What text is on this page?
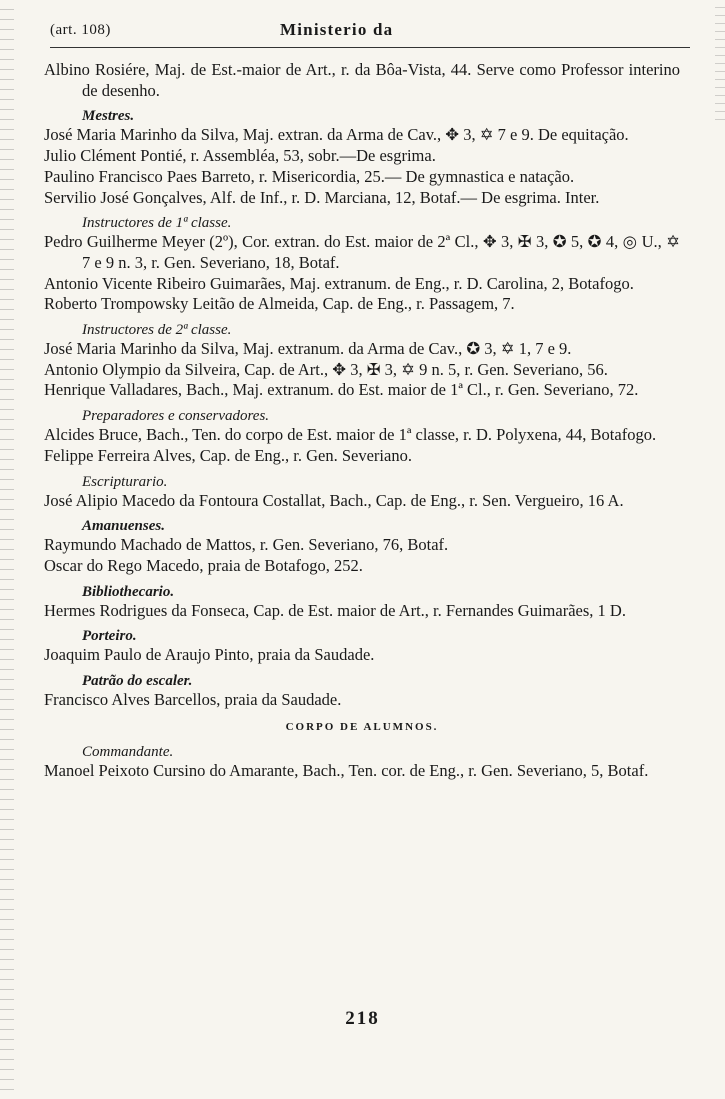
(art. 108)	Ministerio da
Albino Rosiére, Maj. de Est.-maior de Art., r. da Bôa-Vista, 44. Serve como Professor interino de desenho.
Mestres.
José Maria Marinho da Silva, Maj. extran. da Arma de Cav., ✥ 3, ✡ 7 e 9. De equitação.
Julio Clément Pontié, r. Assembléa, 53, sobr.—De esgrima.
Paulino Francisco Paes Barreto, r. Misericordia, 25.— De gymnastica e natação.
Servilio José Gonçalves, Alf. de Inf., r. D. Marciana, 12, Botaf.— De esgrima. Inter.
Instructores de 1ª classe.
Pedro Guilherme Meyer (2º), Cor. extran. do Est. maior de 2ª Cl., ✥ 3, ✠ 3, ✪ 5, ✪ 4, ◎ U., ✡ 7 e 9 n. 3, r. Gen. Severiano, 18, Botaf.
Antonio Vicente Ribeiro Guimarães, Maj. extranum. de Eng., r. D. Carolina, 2, Botafogo.
Roberto Trompowsky Leitão de Almeida, Cap. de Eng., r. Passagem, 7.
Instructores de 2ª classe.
José Maria Marinho da Silva, Maj. extranum. da Arma de Cav., ✪ 3, ✡ 1, 7 e 9.
Antonio Olympio da Silveira, Cap. de Art., ✥ 3, ✠ 3, ✡ 9 n. 5, r. Gen. Severiano, 56.
Henrique Valladares, Bach., Maj. extranum. do Est. maior de 1ª Cl., r. Gen. Severiano, 72.
Preparadores e conservadores.
Alcides Bruce, Bach., Ten. do corpo de Est. maior de 1ª classe, r. D. Polyxena, 44, Botafogo.
Felippe Ferreira Alves, Cap. de Eng., r. Gen. Severiano.
Escripturario.
José Alipio Macedo da Fontoura Costallat, Bach., Cap. de Eng., r. Sen. Vergueiro, 16 A.
Amanuenses.
Raymundo Machado de Mattos, r. Gen. Severiano, 76, Botaf.
Oscar do Rego Macedo, praia de Botafogo, 252.
Bibliothecario.
Hermes Rodrigues da Fonseca, Cap. de Est. maior de Art., r. Fernandes Guimarães, 1 D.
Porteiro.
Joaquim Paulo de Araujo Pinto, praia da Saudade.
Patrão do escaler.
Francisco Alves Barcellos, praia da Saudade.
CORPO DE ALUMNOS.
Commandante.
Manoel Peixoto Cursino do Amarante, Bach., Ten. cor. de Eng., r. Gen. Severiano, 5, Botaf.
218
